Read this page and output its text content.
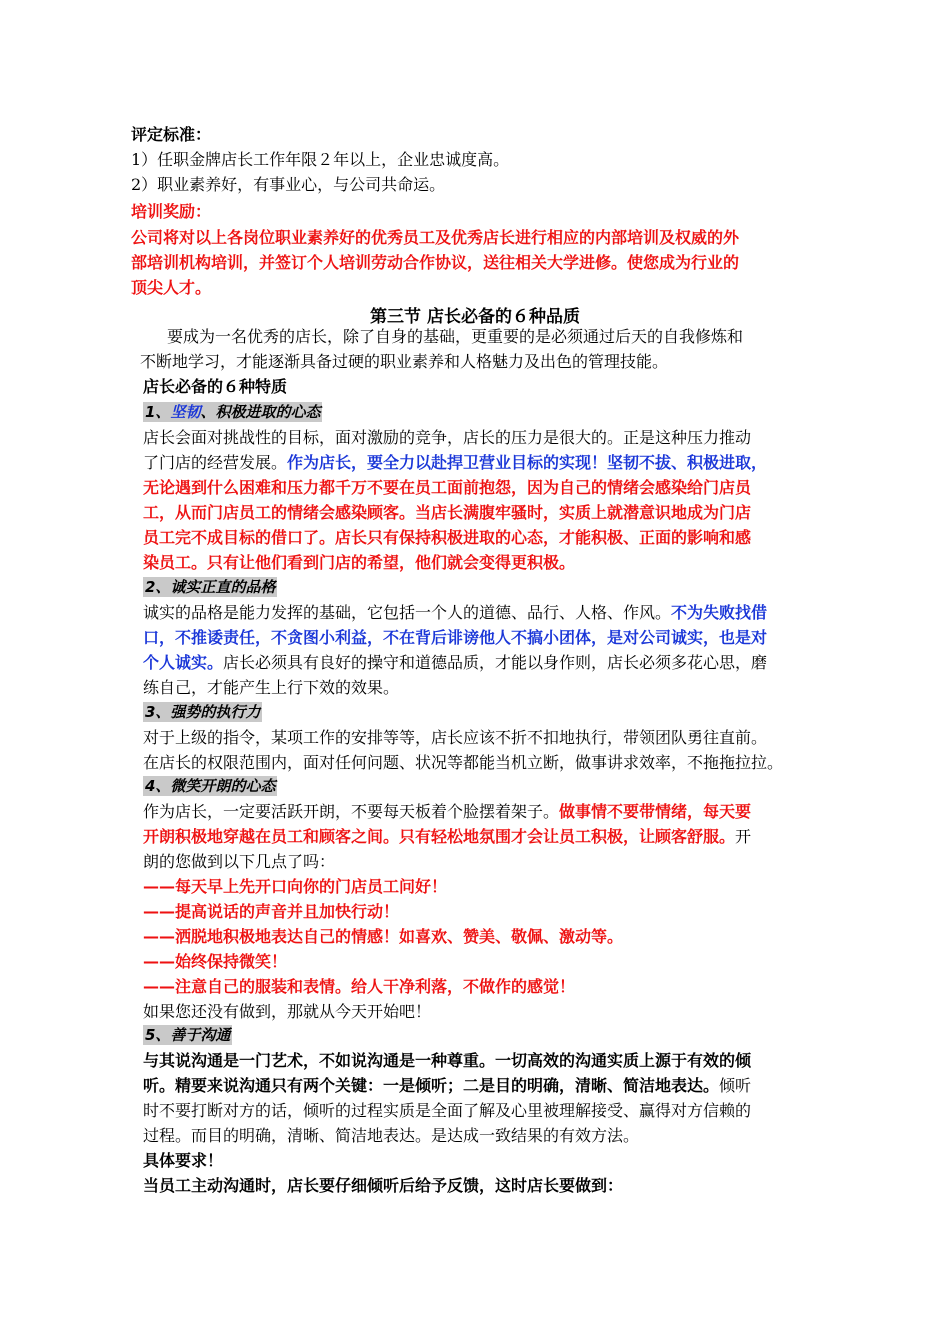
评定标准：
1）任职金牌店长工作年限２年以上，企业忠诚度高。
2）职业素养好，有事业心，与公司共命运。
培训奖励：
公司将对以上各岗位职业素养好的优秀员工及优秀店长进行相应的内部培训及权威的外
部培训机构培训，并签订个人培训劳动合作协议，送往相关大学进修。使您成为行业的
顶尖人才。
第三节 店长必备的６种品质
要成为一名优秀的店长，除了自身的基础，更重要的是必须通过后天的自我修炼和
不断地学习，才能逐渐具备过硬的职业素养和人格魅力及出色的管理技能。
店长必备的６种特质
1、坚韧、积极进取的心态
店长会面对挑战性的目标，面对激励的竞争，店长的压力是很大的。正是这种压力推动
了门店的经营发展。作为店长，要全力以赴捍卫营业目标的实现！坚韧不拔、积极进取，
无论遇到什么困难和压力都千万不要在员工面前抱怨，因为自己的情绪会感染给门店员
工，从而门店员工的情绪会感染顾客。当店长满腹牢骚时，实质上就潜意识地成为门店
员工完不成目标的借口了。店长只有保持积极进取的心态，才能积极、正面的影响和感
染员工。只有让他们看到门店的希望，他们就会变得更积极。
2、诚实正直的品格
诚实的品格是能力发挥的基础，它包括一个人的道德、品行、人格、作风。不为失败找借
口，不推诿责任，不贪图小利益，不在背后诽谤他人不搞小团体，是对公司诚实，也是对
个人诚实。店长必须具有良好的操守和道德品质，才能以身作则，店长必须多花心思，磨
练自己，才能产生上行下效的效果。
3、强势的执行力
对于上级的指令，某项工作的安排等等，店长应该不折不扣地执行，带领团队勇往直前。
在店长的权限范围内，面对任何问题、状况等都能当机立断，做事讲求效率，不拖拖拉拉。
4、微笑开朗的心态
作为店长，一定要活跃开朗，不要每天板着个脸摆着架子。做事情不要带情绪，每天要
开朗积极地穿越在员工和顾客之间。只有轻松地氛围才会让员工积极，让顾客舒服。开
朗的您做到以下几点了吗：
——每天早上先开口向你的门店员工问好！
——提高说话的声音并且加快行动！
——洒脱地积极地表达自己的情感！如喜欢、赞美、敬佩、激动等。
——始终保持微笑！
——注意自己的服装和表情。给人干净利落，不做作的感觉！
如果您还没有做到，那就从今天开始吧！
5、善于沟通
与其说沟通是一门艺术，不如说沟通是一种尊重。一切高效的沟通实质上源于有效的倾
听。精要来说沟通只有两个关键：一是倾听；二是目的明确，清晰、简洁地表达。倾听
时不要打断对方的话，倾听的过程实质是全面了解及心里被理解接受、赢得对方信赖的
过程。而目的明确，清晰、简洁地表达。是达成一致结果的有效方法。
具体要求！
当员工主动沟通时，店长要仔细倾听后给予反馈，这时店长要做到：
